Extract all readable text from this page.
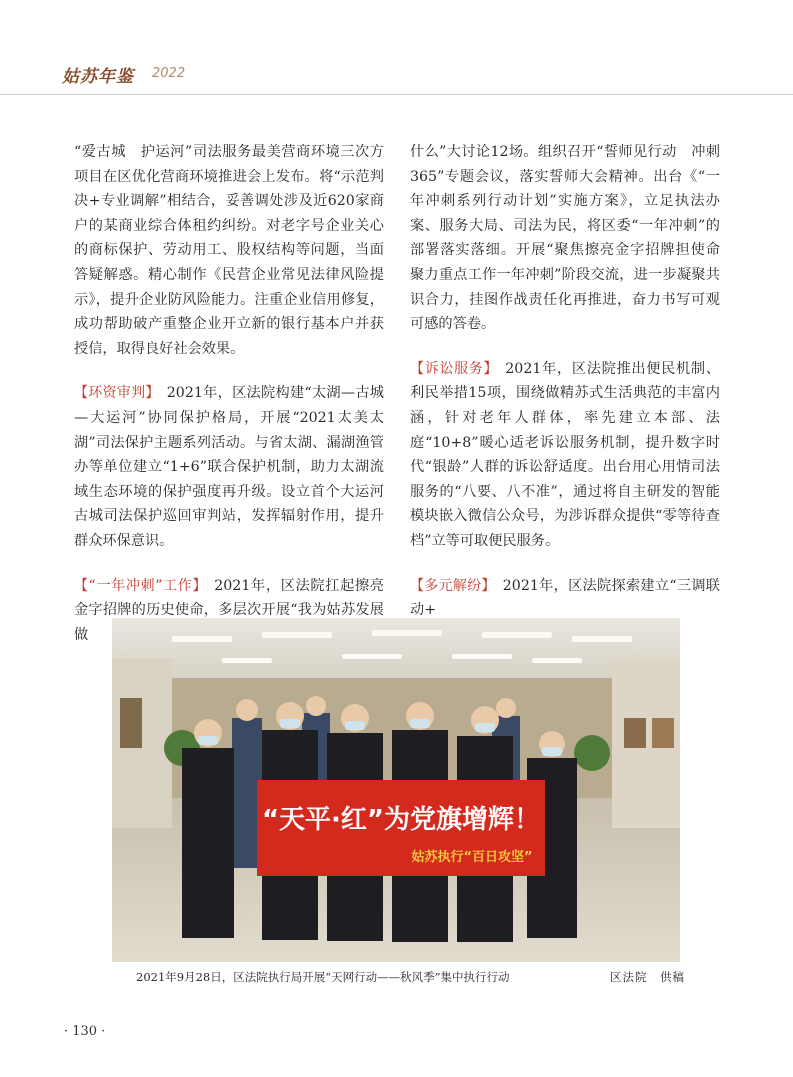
姑苏年鉴 2022

“爱古城　护运河”司法服务最美营商环境三次方项目在区优化营商环境推进会上发布。将“示范判决+专业调解”相结合，妥善调处涉及近620家商户的某商业综合体租约纠纷。对老字号企业关心的商标保护、劳动用工、股权结构等问题，当面答疑解惑。精心制作《民营企业常见法律风险提示》，提升企业防风险能力。注重企业信用修复，成功帮助破产重整企业开立新的银行基本户并获授信，取得良好社会效果。

【环资审判】  2021年，区法院构建“太湖—古城—大运河”协同保护格局，开展“2021太美太湖”司法保护主题系列活动。与省太湖、漏湖渔管办等单位建立“1+6”联合保护机制，助力太湖流域生态环境的保护强度再升级。设立首个大运河古城司法保护巡回审判站，发挥辐射作用，提升群众环保意识。

【“一年冲刺”工作】  2021年，区法院扛起擦亮金字招牌的历史使命，多层次开展“我为姑苏发展做

什么”大讨论12场。组织召开“誓师见行动　冲刺365”专题会议，落实誓师大会精神。出台《“一年冲刺系列行动计划”实施方案》，立足执法办案、服务大局、司法为民，将区委“一年冲刺”的部署落实落细。开展“聚焦擦亮金字招牌担使命　聚力重点工作一年冲刺”阶段交流，进一步凝聚共识合力，挂图作战责任化再推进，奋力书写可观可感的答卷。

【诉讼服务】  2021年，区法院推出便民机制、利民举措15项，围绕做精苏式生活典范的丰富内涵，针对老年人群体，率先建立本部、法庭“10+8”暖心适老诉讼服务机制，提升数字时代“银龄”人群的诉讼舒适度。出台用心用情司法服务的“八要、八不准”，通过将自主研发的智能模块嵌入微信公众号，为涉诉群众提供“零等待查档”立等可取便民服务。

【多元解纷】  2021年，区法院探索建立“三调联动+

“天平·红”为党旗增辉！
姑苏执行“百日攻坚”
2021年9月28日，区法院执行局开展“天网行动——秋风季”集中执行行动	区法院　供稿
· 130 ·
